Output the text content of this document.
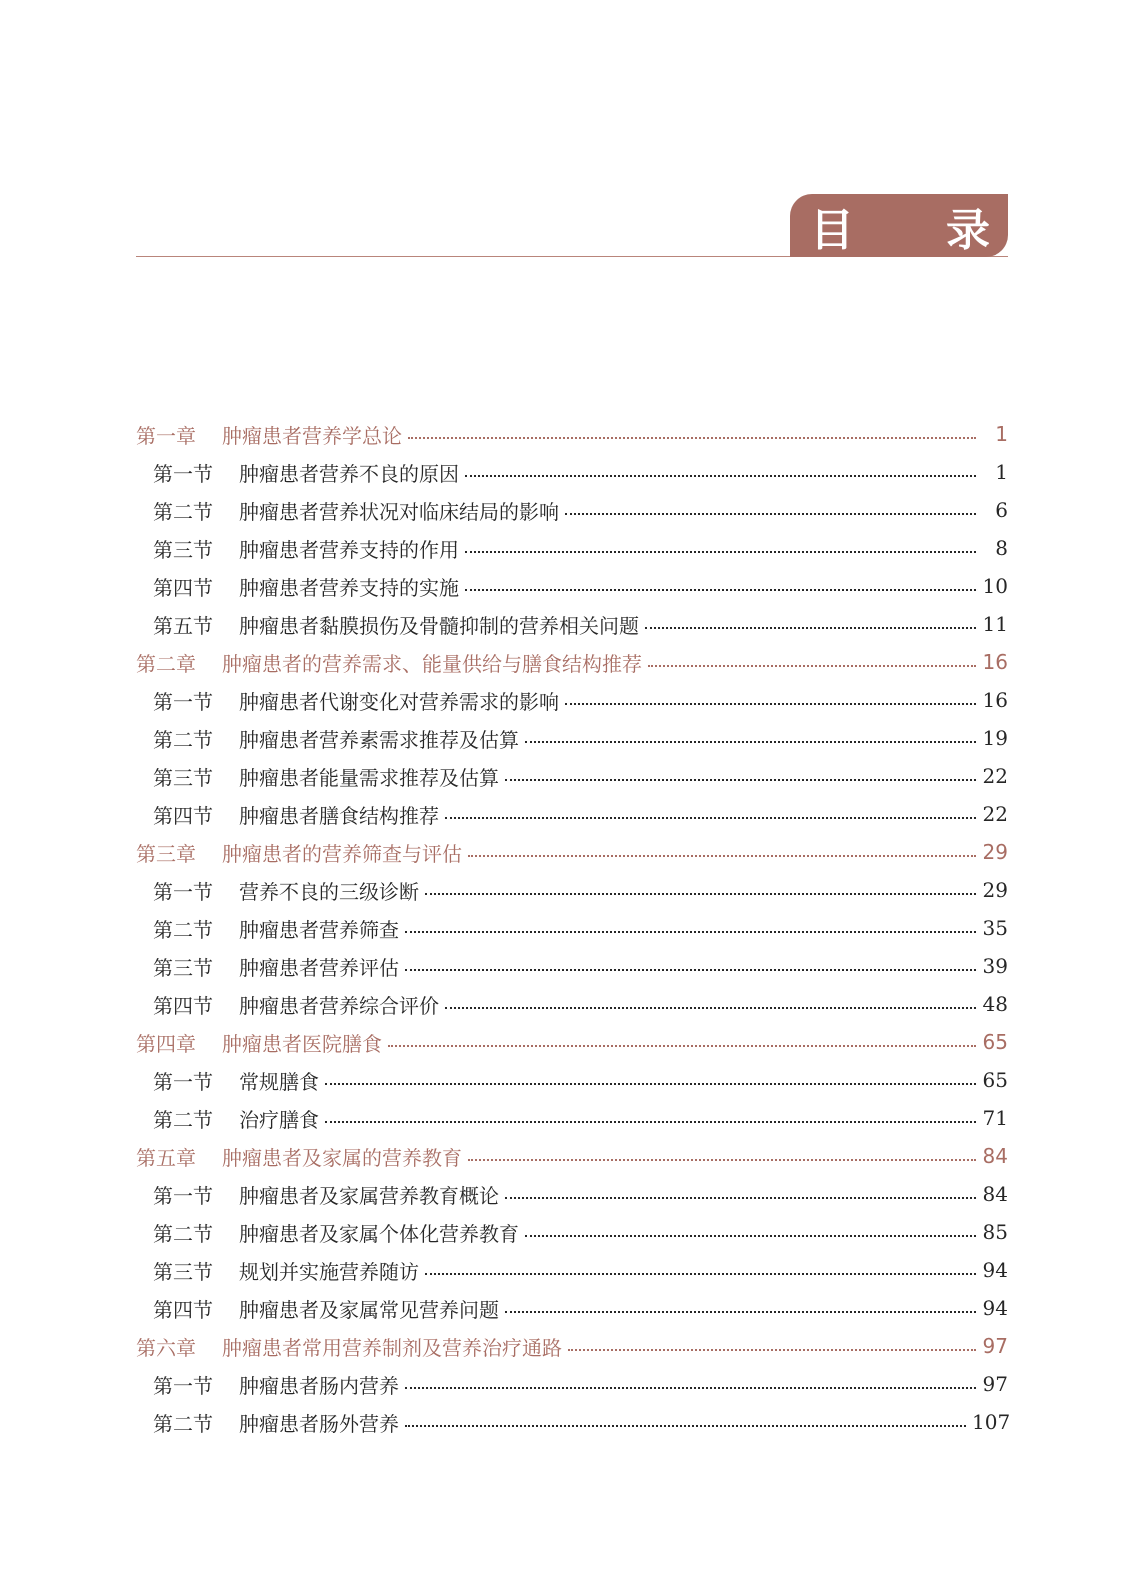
目 录
第一章	肿瘤患者营养学总论	1
第一节	肿瘤患者营养不良的原因	1
第二节	肿瘤患者营养状况对临床结局的影响	6
第三节	肿瘤患者营养支持的作用	8
第四节	肿瘤患者营养支持的实施	10
第五节	肿瘤患者黏膜损伤及骨髓抑制的营养相关问题	11
第二章	肿瘤患者的营养需求、能量供给与膳食结构推荐	16
第一节	肿瘤患者代谢变化对营养需求的影响	16
第二节	肿瘤患者营养素需求推荐及估算	19
第三节	肿瘤患者能量需求推荐及估算	22
第四节	肿瘤患者膳食结构推荐	22
第三章	肿瘤患者的营养筛查与评估	29
第一节	营养不良的三级诊断	29
第二节	肿瘤患者营养筛查	35
第三节	肿瘤患者营养评估	39
第四节	肿瘤患者营养综合评价	48
第四章	肿瘤患者医院膳食	65
第一节	常规膳食	65
第二节	治疗膳食	71
第五章	肿瘤患者及家属的营养教育	84
第一节	肿瘤患者及家属营养教育概论	84
第二节	肿瘤患者及家属个体化营养教育	85
第三节	规划并实施营养随访	94
第四节	肿瘤患者及家属常见营养问题	94
第六章	肿瘤患者常用营养制剂及营养治疗通路	97
第一节	肿瘤患者肠内营养	97
第二节	肿瘤患者肠外营养	107
